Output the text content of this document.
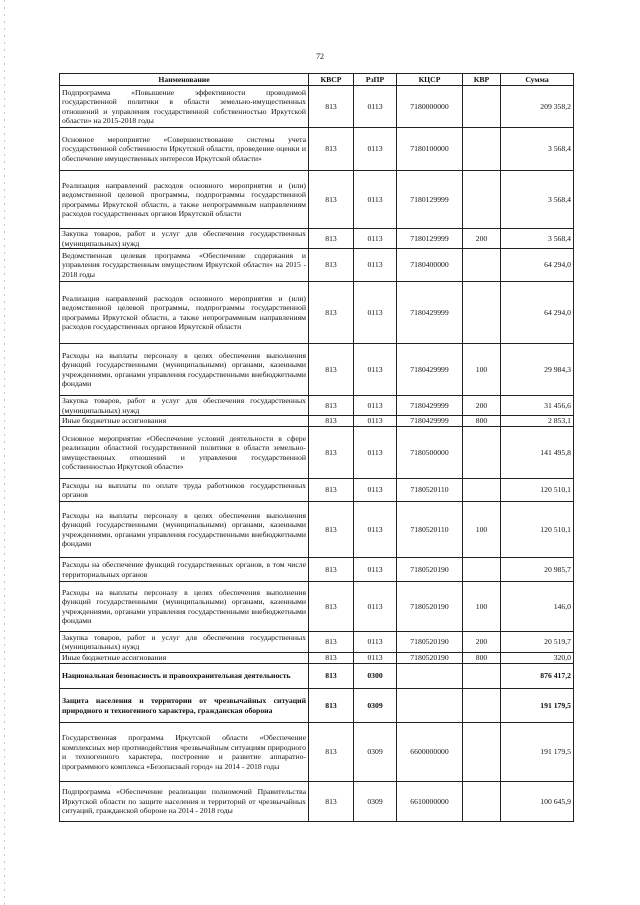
72
Наименование	КВСР	РзПР	КЦСР	КВР	Сумма
Подпрограмма «Повышение эффективности проводимой государственной политики в области земельно-имущественных отношений и управления государственной собственностью Иркутской области» на 2015-2018 годы	813	0113	7180000000		209 358,2
Основное мероприятие «Совершенствование системы учета государственной собственности Иркутской области, проведение оценки и обеспечение имущественных интересов Иркутской области»	813	0113	7180100000		3 568,4
Реализация направлений расходов основного мероприятия и (или) ведомственной целевой программы, подпрограммы государственной программы Иркутской области, а также непрограммным направлениям расходов государственных органов Иркутской области	813	0113	7180129999		3 568,4
Закупка товаров, работ и услуг для обеспечения государственных (муниципальных) нужд	813	0113	7180129999	200	3 568,4
Ведомственная целевая программа «Обеспечение содержания и управления государственным имуществом Иркутской области» на 2015 - 2018 годы	813	0113	7180400000		64 294,0
Реализация направлений расходов основного мероприятия и (или) ведомственной целевой программы, подпрограммы государственной программы Иркутской области, а также непрограммным направлениям расходов государственных органов Иркутской области	813	0113	7180429999		64 294,0
Расходы на выплаты персоналу в целях обеспечения выполнения функций государственными (муниципальными) органами, казенными учреждениями, органами управления государственными внебюджетными фондами	813	0113	7180429999	100	29 984,3
Закупка товаров, работ и услуг для обеспечения государственных (муниципальных) нужд	813	0113	7180429999	200	31 456,6
Иные бюджетные ассигнования	813	0113	7180429999	800	2 853,1
Основное мероприятие «Обеспечение условий деятельности в сфере реализации областной государственной политики в области земельно-имущественных отношений и управления государственной собственностью Иркутской области»	813	0113	7180500000		141 495,8
Расходы на выплаты по оплате труда работников государственных органов	813	0113	7180520110		120 510,1
Расходы на выплаты персоналу в целях обеспечения выполнения функций государственными (муниципальными) органами, казенными учреждениями, органами управления государственными внебюджетными фондами	813	0113	7180520110	100	120 510,1
Расходы на обеспечение функций государственных органов, в том числе территориальных органов	813	0113	7180520190		20 985,7
Расходы на выплаты персоналу в целях обеспечения выполнения функций государственными (муниципальными) органами, казенными учреждениями, органами управления государственными внебюджетными фондами	813	0113	7180520190	100	146,0
Закупка товаров, работ и услуг для обеспечения государственных (муниципальных) нужд	813	0113	7180520190	200	20 519,7
Иные бюджетные ассигнования	813	0113	7180520190	800	320,0
Национальная безопасность и правоохранительная деятельность	813	0300			876 417,2
Защита населения и территории от чрезвычайных ситуаций природного и техногенного характера, гражданская оборона	813	0309			191 179,5
Государственная программа Иркутской области «Обеспечение комплексных мер противодействия чрезвычайным ситуациям природного и техногенного характера, построение и развитие аппаратно-программного комплекса «Безопасный город» на 2014 - 2018 годы	813	0309	6600000000		191 179,5
Подпрограмма «Обеспечение реализации полномочий Правительства Иркутской области по защите населения и территорий от чрезвычайных ситуаций, гражданской обороне на 2014 - 2018 годы	813	0309	6610000000		100 645,9
